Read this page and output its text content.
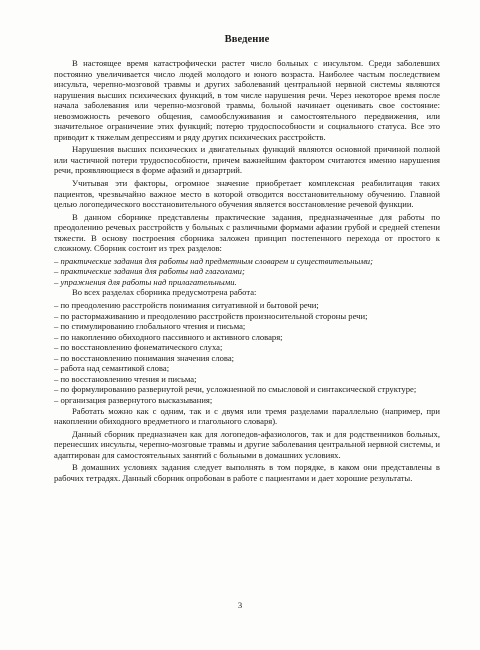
Введение

В настоящее время катастрофически растет число больных с инсультом. Среди заболевших постоянно увеличивается число людей молодого и юного возраста. Наиболее частым последствием инсульта, черепно-мозговой травмы и других заболеваний центральной нервной системы являются нарушения высших психических функций, в том числе нарушения речи. Через некоторое время после начала заболевания или черепно-мозговой травмы, больной начинает оценивать свое состояние: невозможность речевого общения, самообслуживания и самостоятельного передвижения, или значительное ограничение этих функций; потерю трудоспособности и социального статуса. Все это приводит к тяжелым депрессиям и ряду других психических расстройств.

Нарушения высших психических и двигательных функций являются основной причиной полной или частичной потери трудоспособности, причем важнейшим фактором считаются именно нарушения речи, проявляющиеся в форме афазий и дизартрий.

Учитывая эти факторы, огромное значение приобретает комплексная реабилитация таких пациентов, чрезвычайно важное место в которой отводится восстановительному обучению. Главной целью логопедического восстановительного обучения является восстановление речевой функции.

В данном сборнике представлены практические задания, предназначенные для работы по преодолению речевых расстройств у больных с различными формами афазии грубой и средней степени тяжести. В основу построения сборника заложен принцип постепенного перехода от простого к сложному. Сборник состоит из трех разделов:

– практические задания для работы над предметным словарем и существительными;
– практические задания для работы над глаголами;
– упражнения для работы над прилагательными.

Во всех разделах сборника предусмотрена работа:

– по преодолению расстройств понимания ситуативной и бытовой речи;
– по растормаживанию и преодолению расстройств произносительной стороны речи;
– по стимулированию глобального чтения и письма;
– по накоплению обиходного пассивного и активного словаря;
– по восстановлению фонематического слуха;
– по восстановлению понимания значения слова;
– работа над семантикой слова;
– по восстановлению чтения и письма;
– по формулированию развернутой речи, усложненной по смысловой и синтаксической структуре;
– организация развернутого высказывания;

Работать можно как с одним, так и с двумя или тремя разделами параллельно (например, при накоплении обиходного вредметного и глагольного словаря).

Данный сборник предназначен как для логопедов-афазиологов, так и для родственников больных, перенесших инсульты, черепно-мозговые травмы и другие заболевания центральной нервной системы, и адаптирован для самостоятельных занятий с больными в домашних условиях.

В домашних условиях задания следует выполнять в том порядке, в каком они представлены в рабочих тетрадях. Данный сборник опробован в работе с пациентами и дает хорошие результаты.

3
